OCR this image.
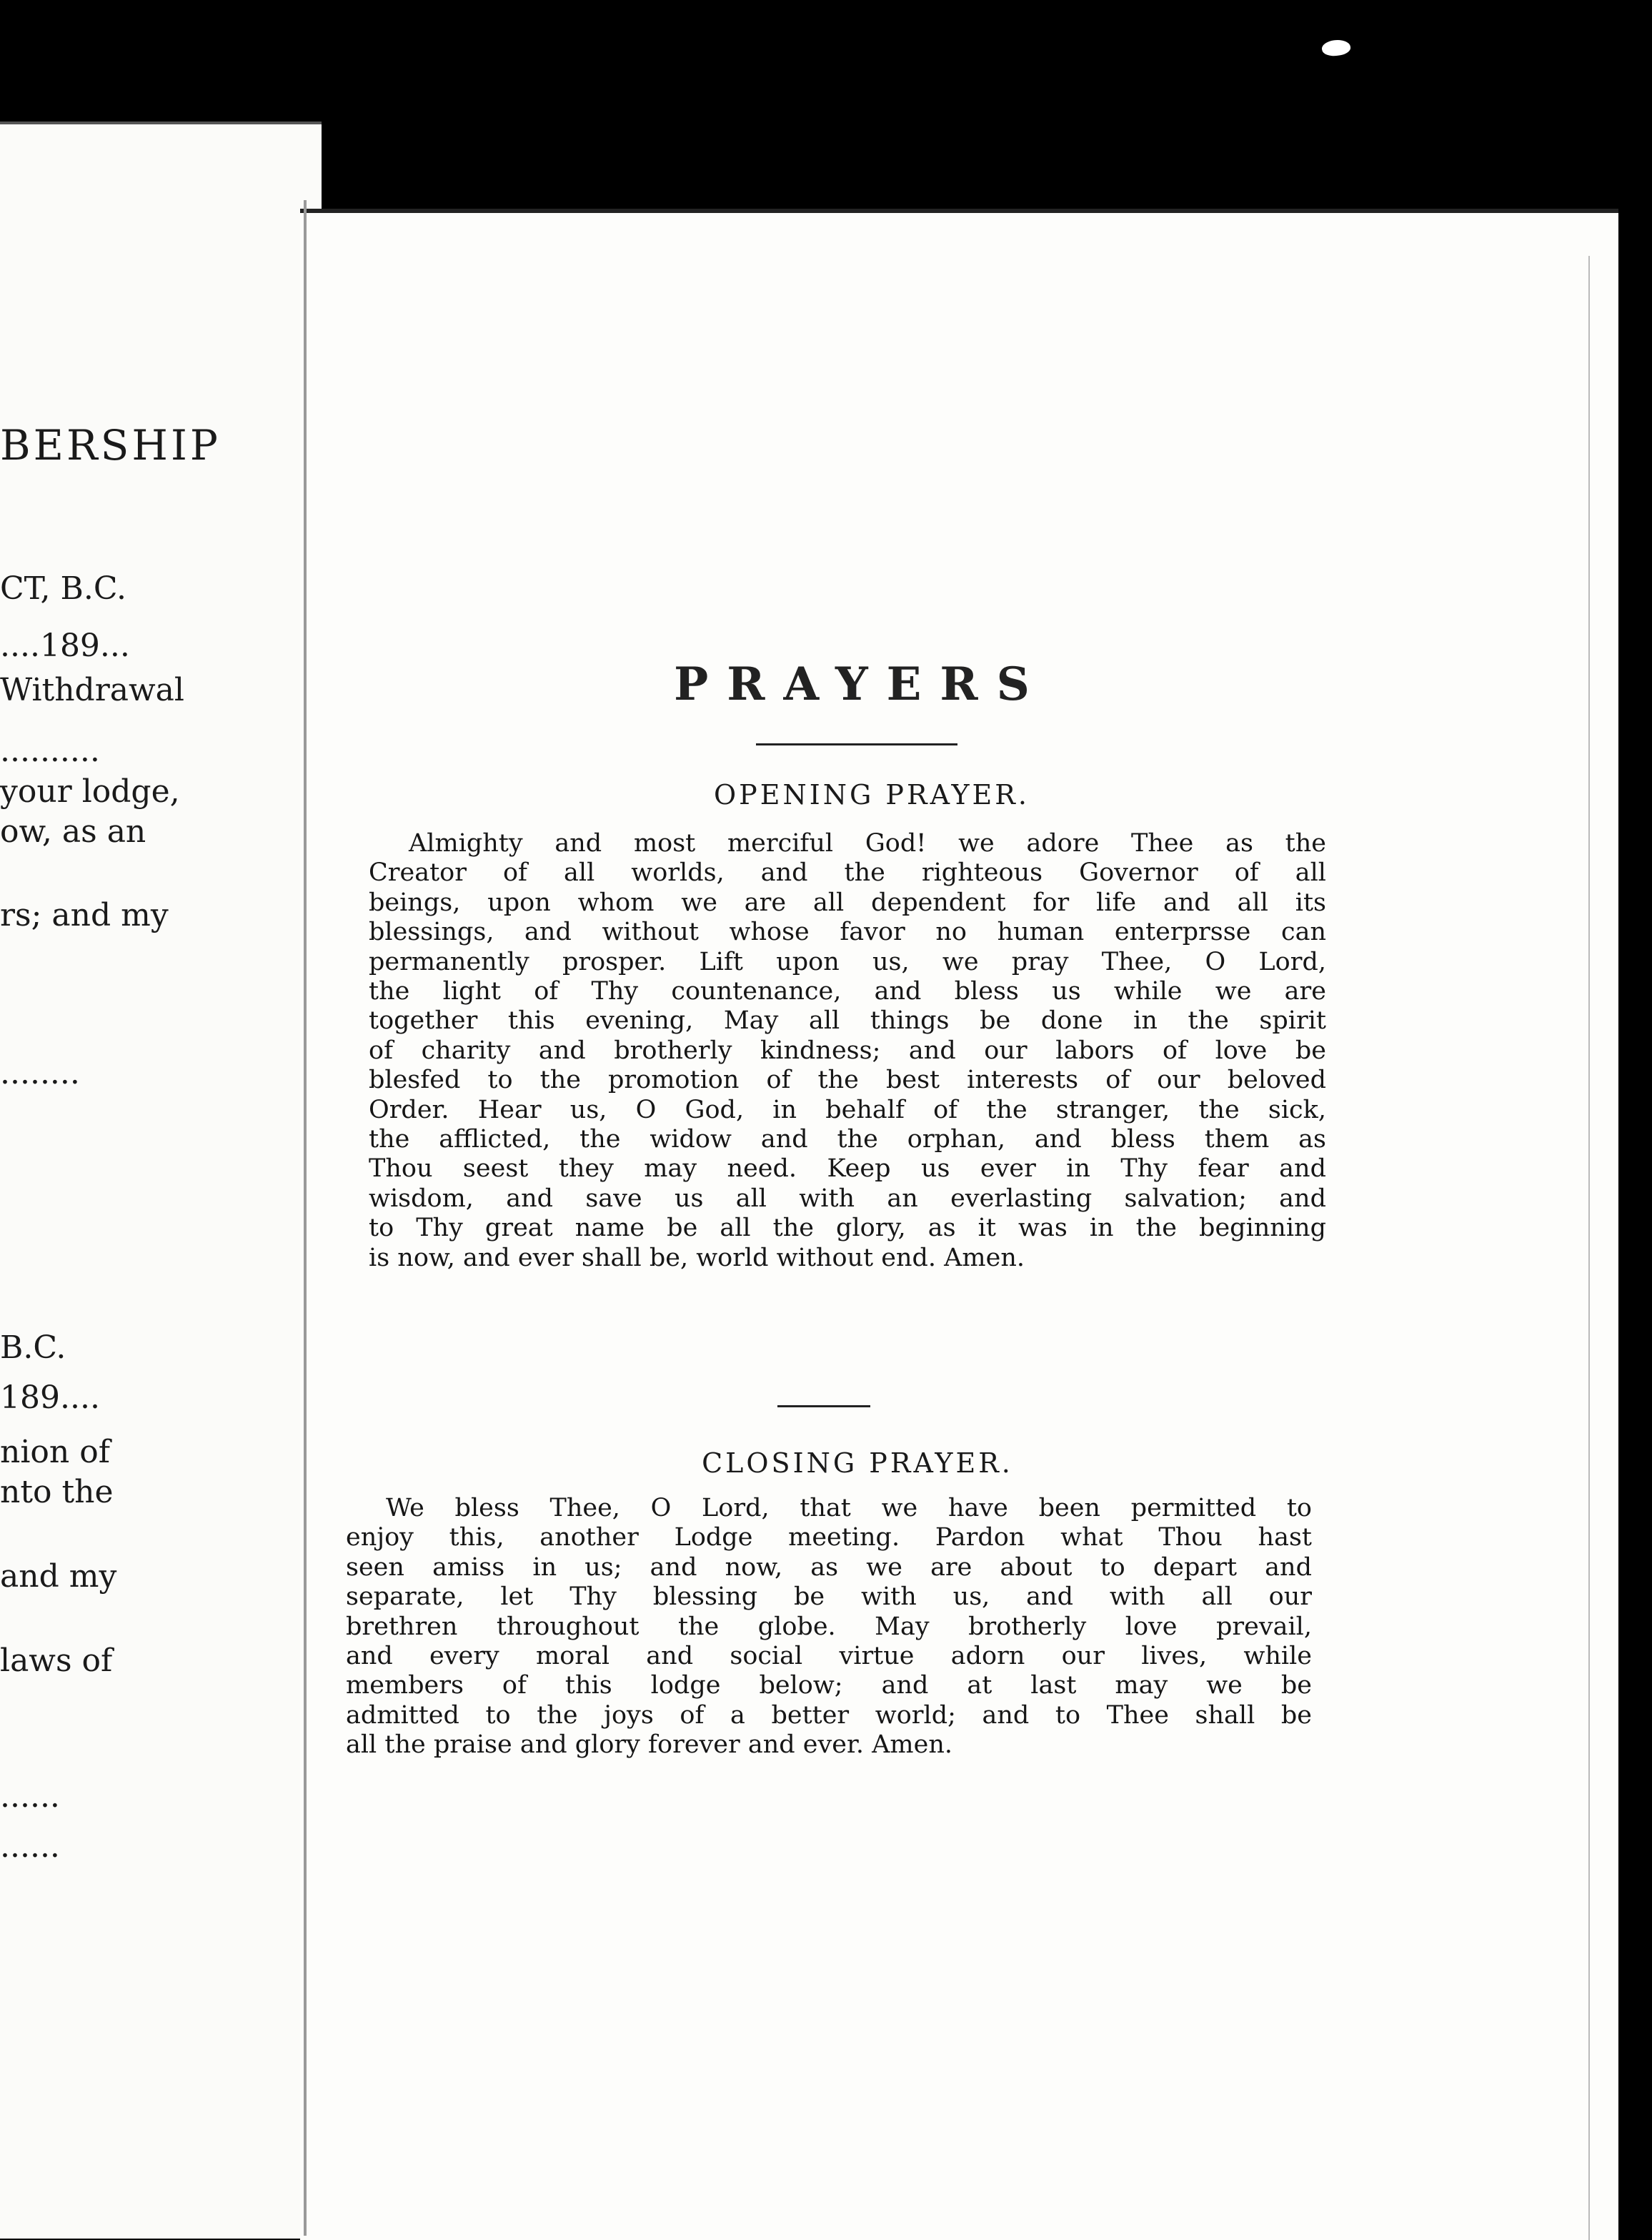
BERSHIP
CT, B.C.
....189...
Withdrawal
..........
your lodge,
ow, as an
rs; and my
........
B.C.
189....
nion of
nto the
and my
laws of
......
......
PRAYERS
OPENING PRAYER.
Almighty and most merciful God! we adore Thee as the
Creator of all worlds, and the righteous Governor of all
beings, upon whom we are all dependent for life and all its
blessings, and without whose favor no human enterprsse can
permanently prosper. Lift upon us, we pray Thee, O Lord,
the light of Thy countenance, and bless us while we are
together this evening, May all things be done in the spirit
of charity and brotherly kindness; and our labors of love be
blesfed to the promotion of the best interests of our beloved
Order. Hear us, O God, in behalf of the stranger, the sick,
the afflicted, the widow and the orphan, and bless them as
Thou seest they may need. Keep us ever in Thy fear and
wisdom, and save us all with an everlasting salvation; and
to Thy great name be all the glory, as it was in the beginning
is now, and ever shall be, world without end. Amen.
CLOSING PRAYER.
We bless Thee, O Lord, that we have been permitted to
enjoy this, another Lodge meeting. Pardon what Thou hast
seen amiss in us; and now, as we are about to depart and
separate, let Thy blessing be with us, and with all our
brethren throughout the globe. May brotherly love prevail,
and every moral and social virtue adorn our lives, while
members of this lodge below; and at last may we be
admitted to the joys of a better world; and to Thee shall be
all the praise and glory forever and ever. Amen.
